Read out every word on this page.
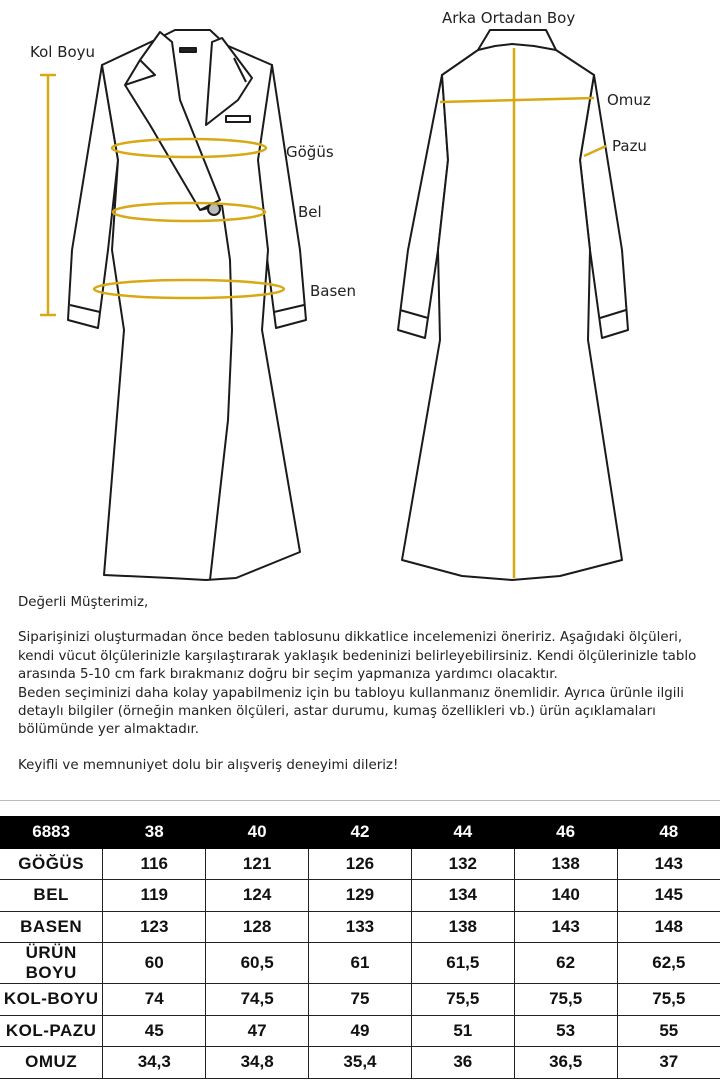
Kol Boyu
Göğüs
Bel
Basen
Arka Ortadan Boy
Omuz
Pazu

Değerli Müşterimiz,

Siparişinizi oluşturmadan önce beden tablosunu dikkatlice incelemenizi öneririz. Aşağıdaki ölçüleri, kendi vücut ölçülerinizle karşılaştırarak yaklaşık bedeninizi belirleyebilirsiniz. Kendi ölçülerinizle tablo arasında 5-10 cm fark bırakmanız doğru bir seçim yapmanıza yardımcı olacaktır.

Beden seçiminizi daha kolay yapabilmeniz için bu tabloyu kullanmanız önemlidir. Ayrıca ürünle ilgili detaylı bilgiler (örneğin manken ölçüleri, astar durumu, kumaş özellikleri vb.) ürün açıklamaları bölümünde yer almaktadır.

Keyifli ve memnuniyet dolu bir alışveriş deneyimi dileriz!

6883	38	40	42	44	46	48
GÖĞÜS	116	121	126	132	138	143
BEL	119	124	129	134	140	145
BASEN	123	128	133	138	143	148
ÜRÜN BOYU	60	60,5	61	61,5	62	62,5
KOL-BOYU	74	74,5	75	75,5	75,5	75,5
KOL-PAZU	45	47	49	51	53	55
OMUZ	34,3	34,8	35,4	36	36,5	37
